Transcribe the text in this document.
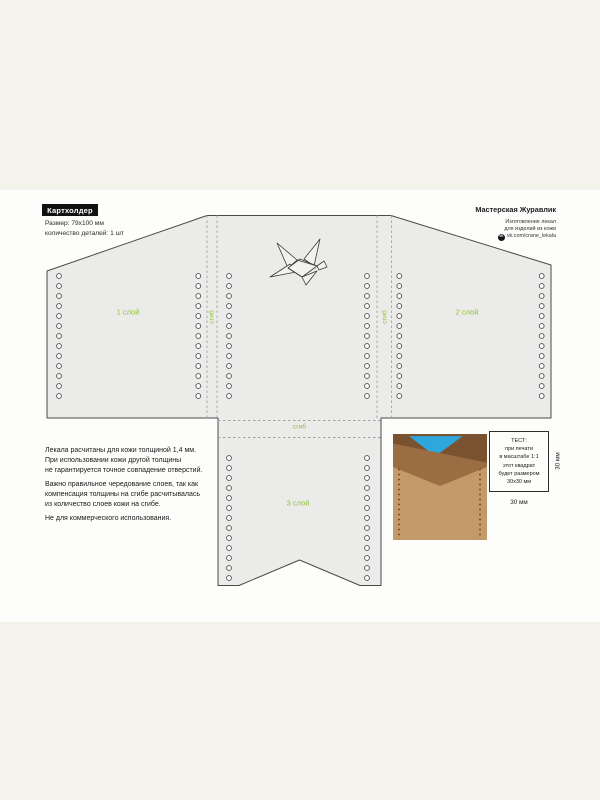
Картхолдер
Размер: 79x100 мм
количество деталей: 1 шт
Мастерская Журавлик
Изготовление лекал
для изделий из кожи
VK vk.com/crane_lekala
1 слой	2 слой
3 слой
сгиб	сгиб
сгиб
Лекала расчитаны для кожи толщиной 1,4 мм.
При использовании кожи другой толщины
не гарантируется точное совпадение отверстий.
Важно правильное чередование слоев, так как
компенсация толщины на сгибе расчитывалась
из количество слоев кожи на сгибе.
Не для коммерческого использования.
ТЕСТ:
при печати
в масштабе 1:1
этот квадрат
будет размером
30х30 мм
30 мм
30 мм
